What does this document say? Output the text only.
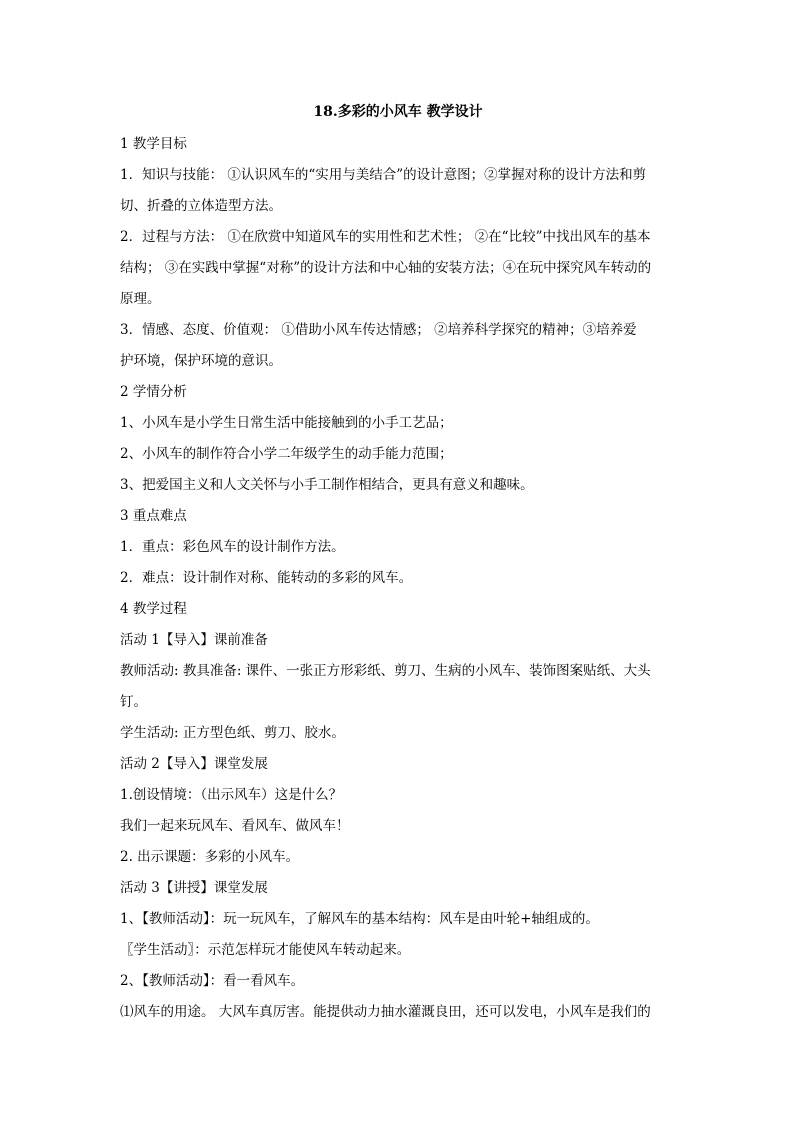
18.多彩的小风车 教学设计

1 教学目标

1．知识与技能： ①认识风车的“实用与美结合”的设计意图；②掌握对称的设计方法和剪

切、折叠的立体造型方法。

2．过程与方法： ①在欣赏中知道风车的实用性和艺术性； ②在“比较”中找出风车的基本

结构； ③在实践中掌握“对称”的设计方法和中心轴的安装方法；④在玩中探究风车转动的

原理。

3．情感、态度、价值观： ①借助小风车传达情感； ②培养科学探究的精神；③培养爱

护环境，保护环境的意识。

2 学情分析

1、小风车是小学生日常生活中能接触到的小手工艺品；

2、小风车的制作符合小学二年级学生的动手能力范围；

3、把爱国主义和人文关怀与小手工制作相结合，更具有意义和趣味。

3 重点难点

1．重点：彩色风车的设计制作方法。

2．难点：设计制作对称、能转动的多彩的风车。

4 教学过程

活动 1【导入】课前准备

教师活动: 教具准备: 课件、一张正方形彩纸、剪刀、生病的小风车、装饰图案贴纸、大头

钉。

学生活动: 正方型色纸、剪刀、胶水。

活动 2【导入】课堂发展

1.创设情境：（出示风车）这是什么？

我们一起来玩风车、看风车、做风车！

2. 出示课题：多彩的小风车。

活动 3【讲授】课堂发展

1、【教师活动】：玩一玩风车，了解风车的基本结构：风车是由叶轮+轴组成的。

〖学生活动〗：示范怎样玩才能使风车转动起来。

2、【教师活动】：看一看风车。

⑴风车的用途。 大风车真厉害。能提供动力抽水灌溉良田，还可以发电，小风车是我们的
